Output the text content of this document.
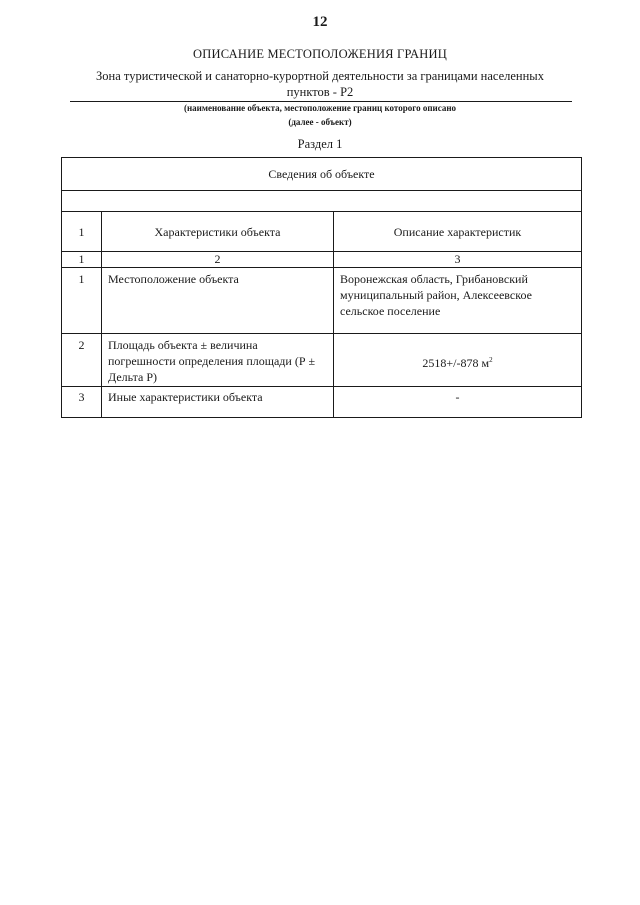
12
ОПИСАНИЕ МЕСТОПОЛОЖЕНИЯ ГРАНИЦ
Зона туристической и санаторно-курортной деятельности за границами населенных пунктов - Р2
(наименование объекта, местоположение границ которого описано
(далее - объект)
Раздел 1
Сведения об объекте		

1	Характеристики объекта	Описание характеристик
1	2	3
1	Местоположение объекта	Воронежская область, Грибановский муниципальный район, Алексеевское сельское поселение
2	Площадь объекта ± величина погрешности определения площади (Р ± Дельта Р)	2518+/-878 $м^2$
3	Иные характеристики объекта	-
